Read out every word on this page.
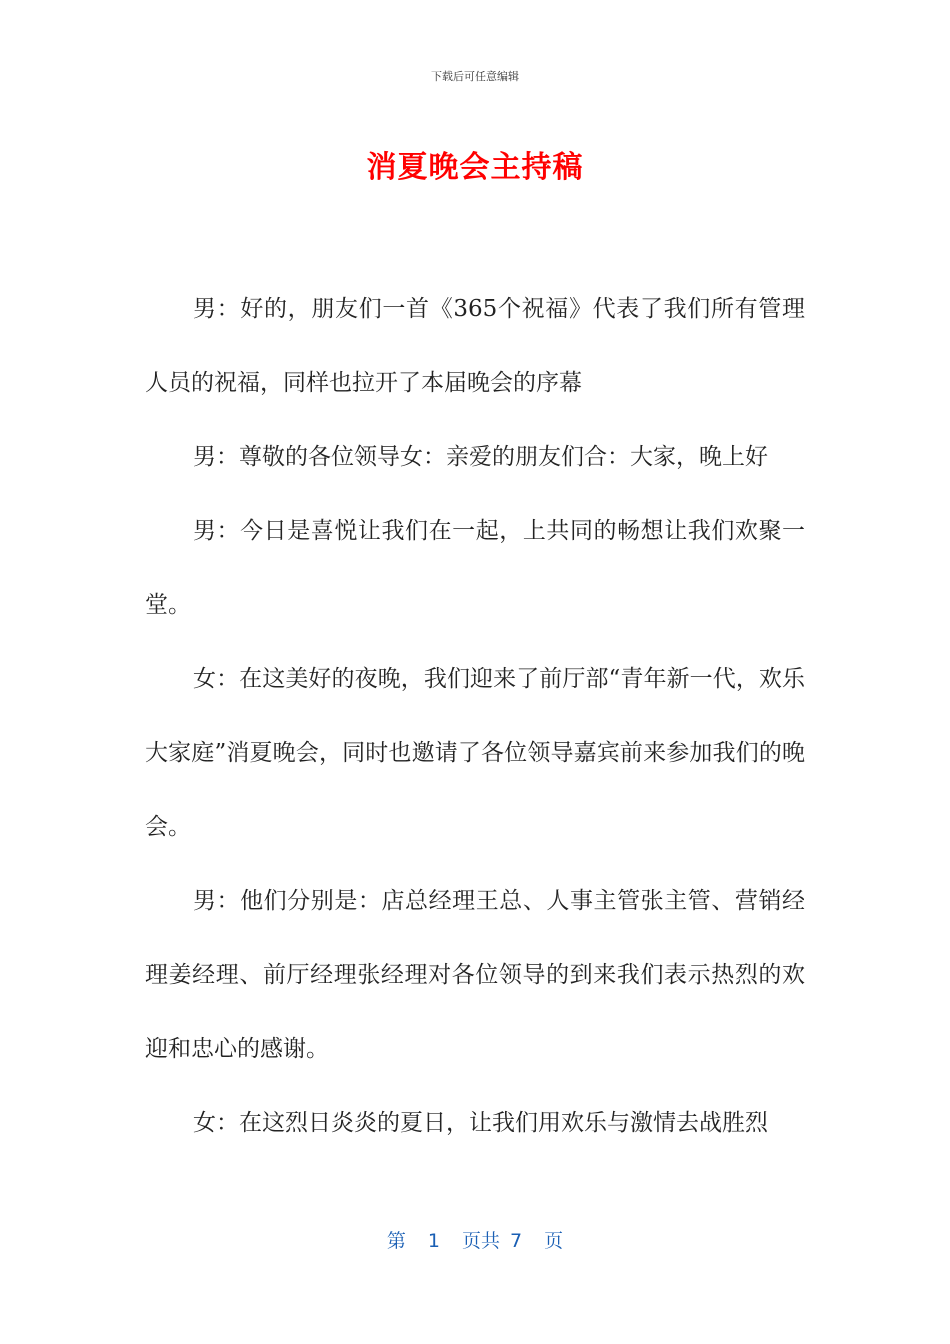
下载后可任意编辑
消夏晚会主持稿

男：好的，朋友们一首《365个祝福》代表了我们所有管理人员的祝福，同样也拉开了本届晚会的序幕

男：尊敬的各位领导女：亲爱的朋友们合：大家，晚上好

男：今日是喜悦让我们在一起，上共同的畅想让我们欢聚一堂。

女：在这美好的夜晚，我们迎来了前厅部“青年新一代，欢乐大家庭”消夏晚会，同时也邀请了各位领导嘉宾前来参加我们的晚会。

男：他们分别是：店总经理王总、人事主管张主管、营销经理姜经理、前厅经理张经理对各位领导的到来我们表示热烈的欢迎和忠心的感谢。

女：在这烈日炎炎的夏日，让我们用欢乐与激情去战胜烈

第 1 页共 7 页
